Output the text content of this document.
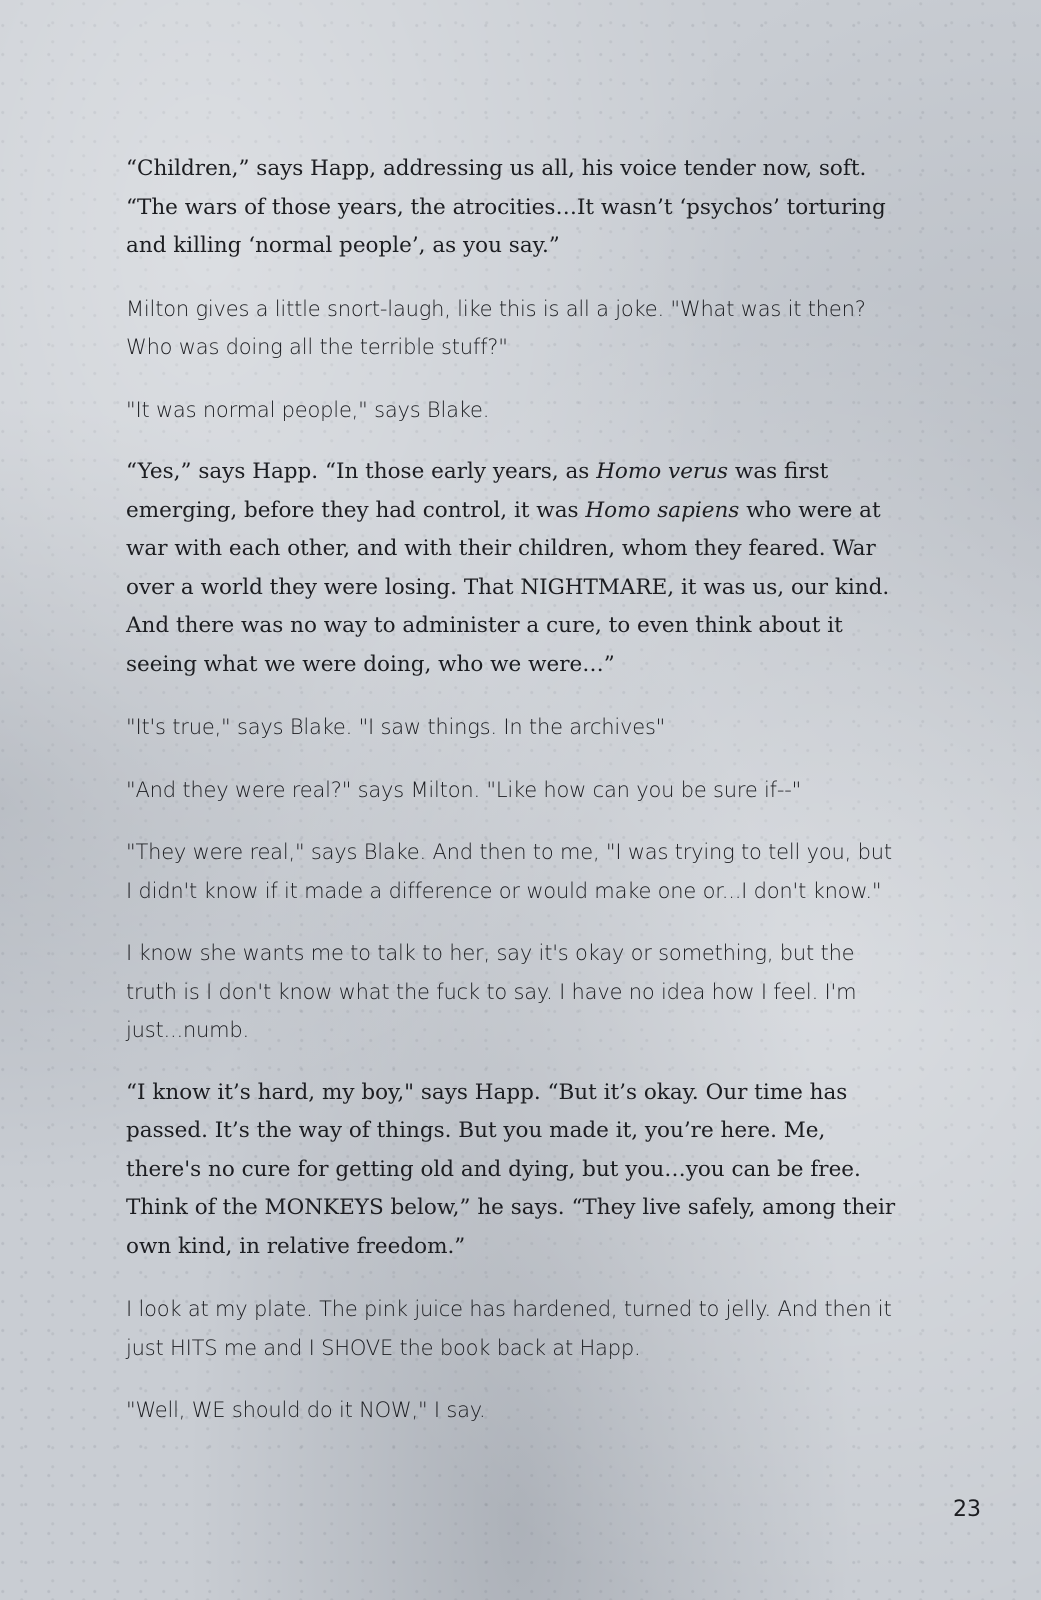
“Children,” says Happ, addressing us all, his voice tender now, soft. “The wars of those years, the atrocities…It wasn’t ‘psychos’ torturing and killing ‘normal people’, as you say.”

Milton gives a little snort-laugh, like this is all a joke. "What was it then? Who was doing all the terrible stuff?"

"It was normal people," says Blake.

“Yes,” says Happ. “In those early years, as Homo verus was first emerging, before they had control, it was Homo sapiens who were at war with each other, and with their children, whom they feared. War over a world they were losing. That NIGHTMARE, it was us, our kind. And there was no way to administer a cure, to even think about it seeing what we were doing, who we were…”

"It's true," says Blake. "I saw things. In the archives"

"And they were real?" says Milton. "Like how can you be sure if--"

"They were real," says Blake. And then to me, "I was trying to tell you, but I didn't know if it made a difference or would make one or...I don't know."

I know she wants me to talk to her, say it's okay or something, but the truth is I don't know what the fuck to say. I have no idea how I feel. I'm just...numb.

“I know it’s hard, my boy," says Happ. “But it’s okay. Our time has passed. It’s the way of things. But you made it, you’re here. Me, there's no cure for getting old and dying, but you…you can be free. Think of the MONKEYS below,” he says. “They live safely, among their own kind, in relative freedom.”

I look at my plate. The pink juice has hardened, turned to jelly. And then it just HITS me and I SHOVE the book back at Happ.

"Well, WE should do it NOW," I say.

23
